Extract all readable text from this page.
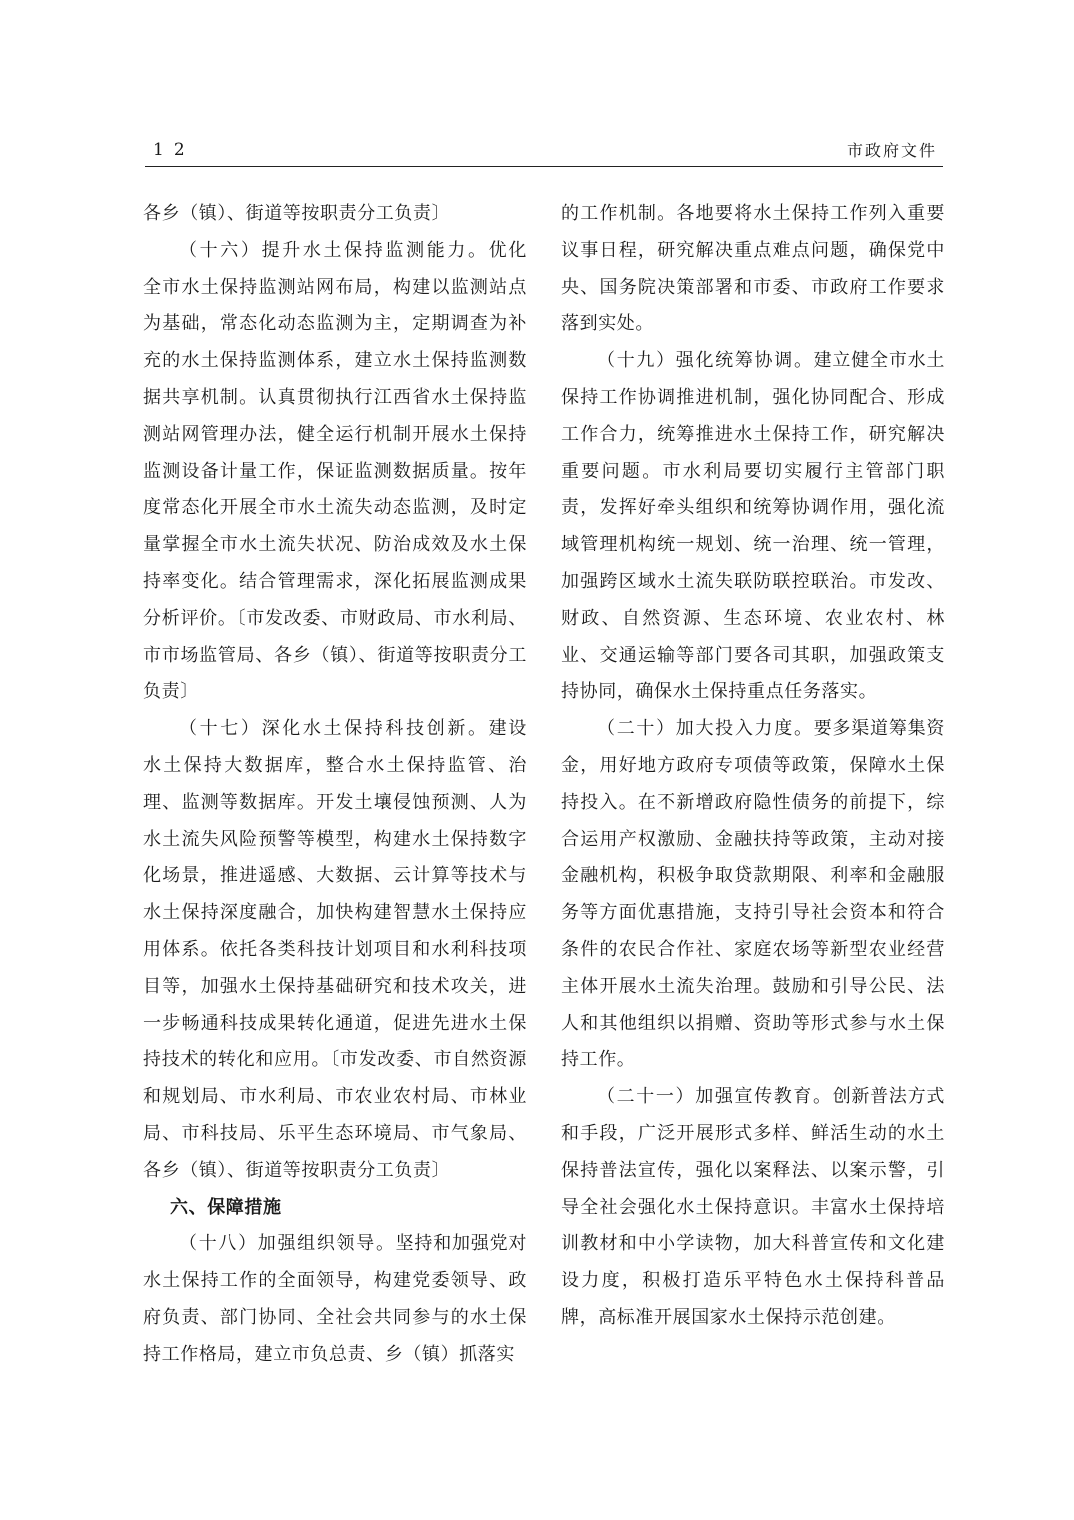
12	市政府文件

各乡（镇）、街道等按职责分工负责〕

（十六）提升水土保持监测能力。优化全市水土保持监测站网布局，构建以监测站点为基础，常态化动态监测为主，定期调查为补充的水土保持监测体系，建立水土保持监测数据共享机制。认真贯彻执行江西省水土保持监测站网管理办法，健全运行机制开展水土保持监测设备计量工作，保证监测数据质量。按年度常态化开展全市水土流失动态监测，及时定量掌握全市水土流失状况、防治成效及水土保持率变化。结合管理需求，深化拓展监测成果分析评价。〔市发改委、市财政局、市水利局、市市场监管局、各乡（镇）、街道等按职责分工负责〕

（十七）深化水土保持科技创新。建设水土保持大数据库，整合水土保持监管、治理、监测等数据库。开发土壤侵蚀预测、人为水土流失风险预警等模型，构建水土保持数字化场景，推进遥感、大数据、云计算等技术与水土保持深度融合，加快构建智慧水土保持应用体系。依托各类科技计划项目和水利科技项目等，加强水土保持基础研究和技术攻关，进一步畅通科技成果转化通道，促进先进水土保持技术的转化和应用。〔市发改委、市自然资源和规划局、市水利局、市农业农村局、市林业局、市科技局、乐平生态环境局、市气象局、各乡（镇）、街道等按职责分工负责〕

六、保障措施

（十八）加强组织领导。坚持和加强党对水土保持工作的全面领导，构建党委领导、政府负责、部门协同、全社会共同参与的水土保持工作格局，建立市负总责、乡（镇）抓落实

的工作机制。各地要将水土保持工作列入重要议事日程，研究解决重点难点问题，确保党中央、国务院决策部署和市委、市政府工作要求落到实处。

（十九）强化统筹协调。建立健全市水土保持工作协调推进机制，强化协同配合、形成工作合力，统筹推进水土保持工作，研究解决重要问题。市水利局要切实履行主管部门职责，发挥好牵头组织和统筹协调作用，强化流域管理机构统一规划、统一治理、统一管理，加强跨区域水土流失联防联控联治。市发改、财政、自然资源、生态环境、农业农村、林业、交通运输等部门要各司其职，加强政策支持协同，确保水土保持重点任务落实。

（二十）加大投入力度。要多渠道筹集资金，用好地方政府专项债等政策，保障水土保持投入。在不新增政府隐性债务的前提下，综合运用产权激励、金融扶持等政策，主动对接金融机构，积极争取贷款期限、利率和金融服务等方面优惠措施，支持引导社会资本和符合条件的农民合作社、家庭农场等新型农业经营主体开展水土流失治理。鼓励和引导公民、法人和其他组织以捐赠、资助等形式参与水土保持工作。

（二十一）加强宣传教育。创新普法方式和手段，广泛开展形式多样、鲜活生动的水土保持普法宣传，强化以案释法、以案示警，引导全社会强化水土保持意识。丰富水土保持培训教材和中小学读物，加大科普宣传和文化建设力度，积极打造乐平特色水土保持科普品牌，高标准开展国家水土保持示范创建。
